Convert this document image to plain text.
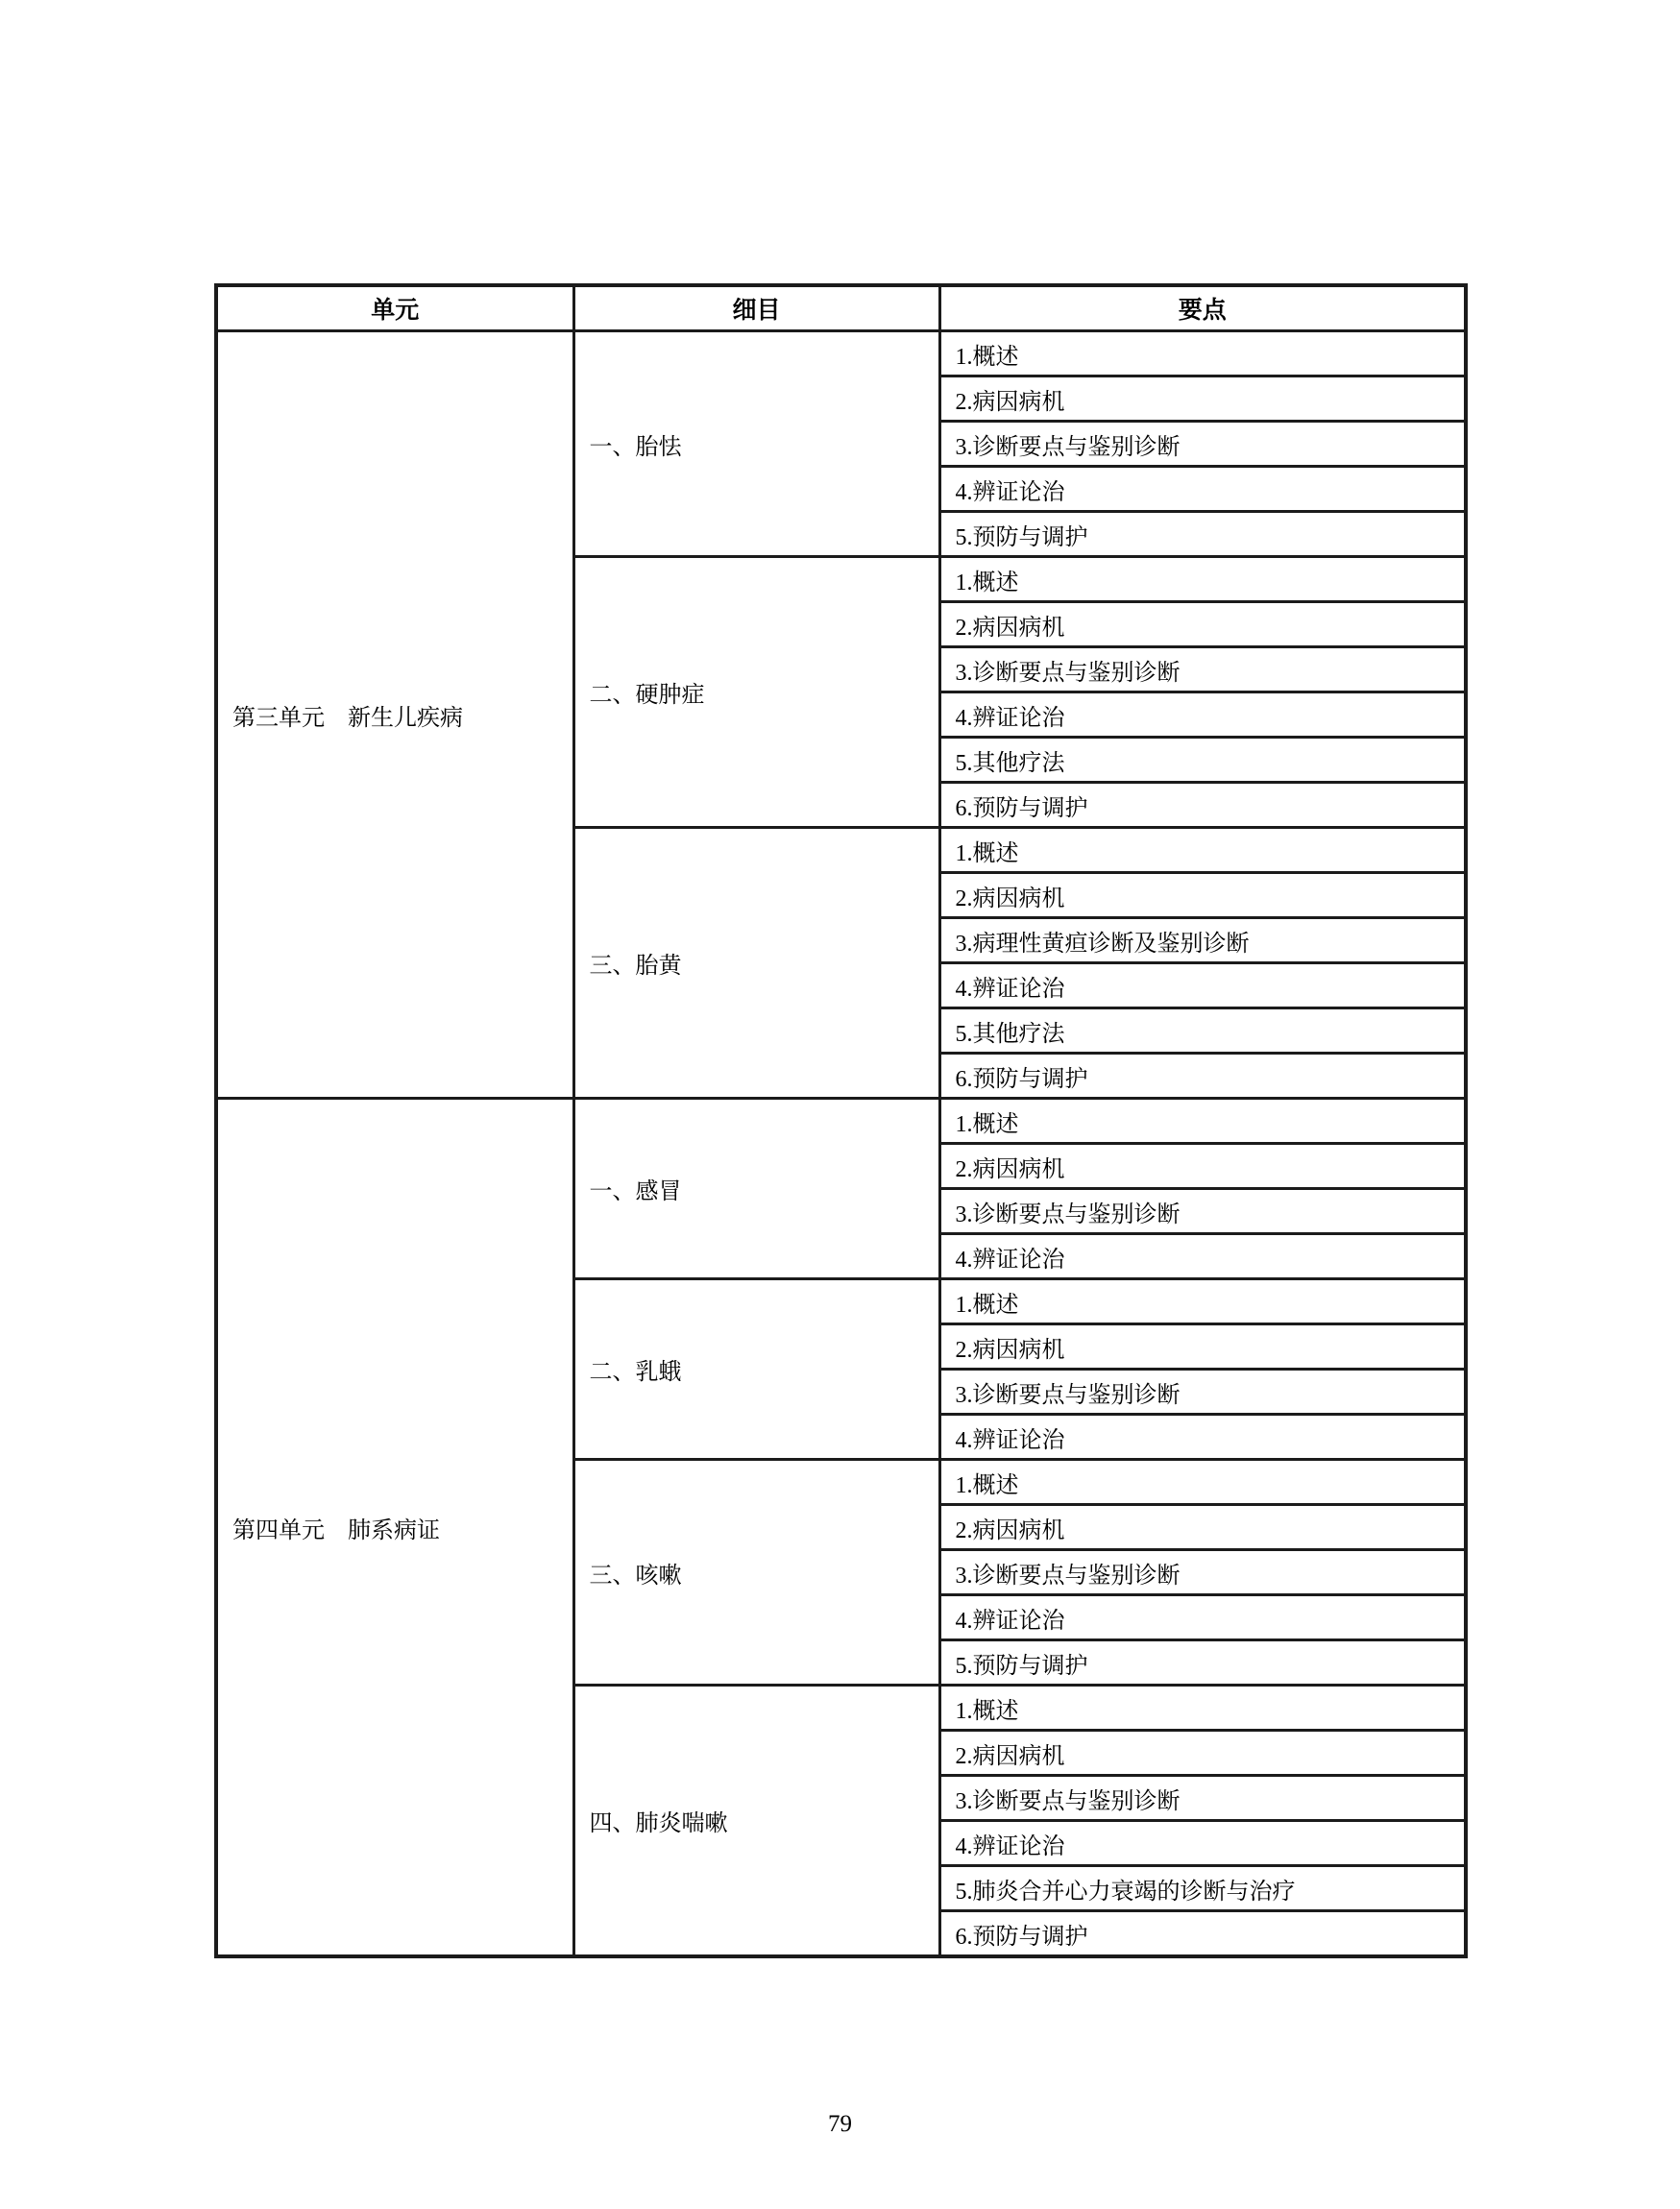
单元	细目	要点
第三单元　新生儿疾病	一、胎怯	1.概述
		2.病因病机
		3.诊断要点与鉴别诊断
		4.辨证论治
		5.预防与调护
	二、硬肿症	1.概述
		2.病因病机
		3.诊断要点与鉴别诊断
		4.辨证论治
		5.其他疗法
		6.预防与调护
	三、胎黄	1.概述
		2.病因病机
		3.病理性黄疸诊断及鉴别诊断
		4.辨证论治
		5.其他疗法
		6.预防与调护
第四单元　肺系病证	一、感冒	1.概述
		2.病因病机
		3.诊断要点与鉴别诊断
		4.辨证论治
	二、乳蛾	1.概述
		2.病因病机
		3.诊断要点与鉴别诊断
		4.辨证论治
	三、咳嗽	1.概述
		2.病因病机
		3.诊断要点与鉴别诊断
		4.辨证论治
		5.预防与调护
	四、肺炎喘嗽	1.概述
		2.病因病机
		3.诊断要点与鉴别诊断
		4.辨证论治
		5.肺炎合并心力衰竭的诊断与治疗
		6.预防与调护
79
